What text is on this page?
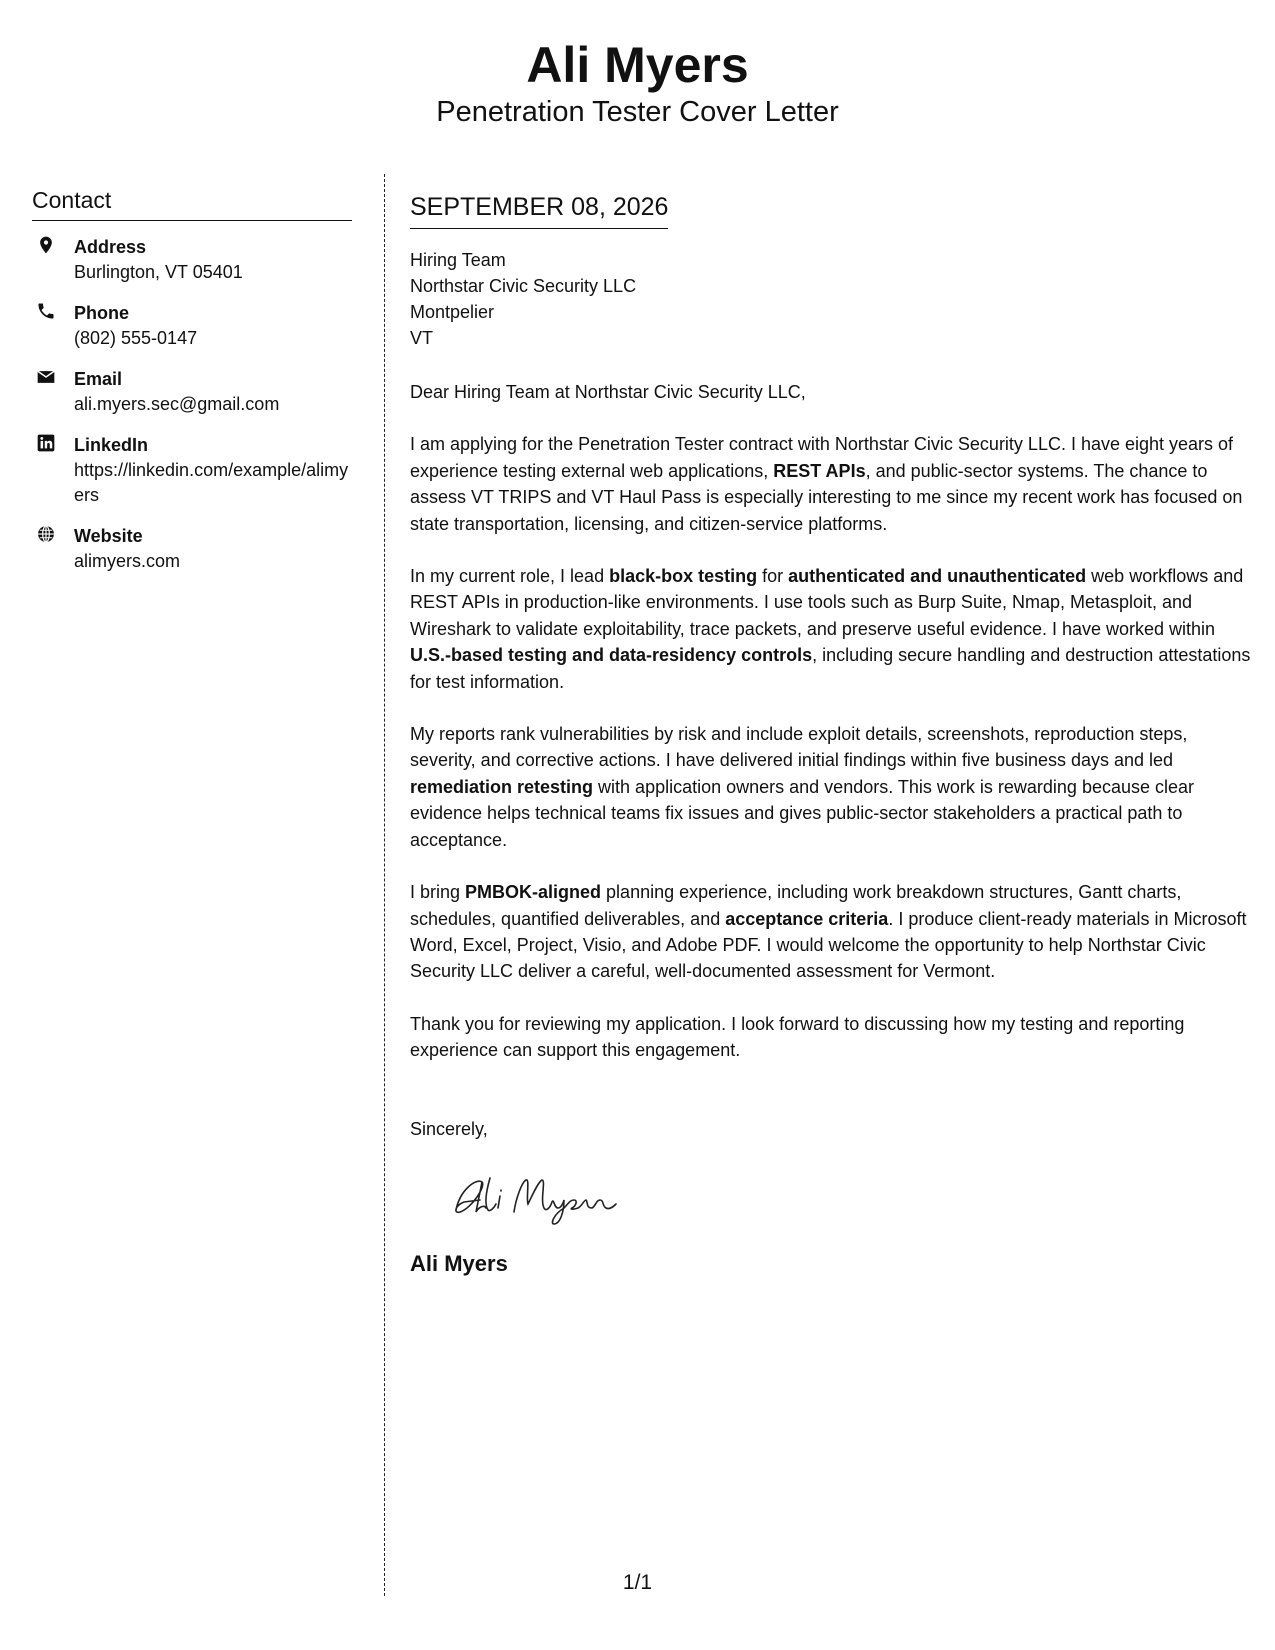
Ali Myers
Penetration Tester Cover Letter
Contact
Address
Burlington, VT 05401
Phone
(802) 555-0147
Email
ali.myers.sec@gmail.com
LinkedIn
https://linkedin.com/example/alimyers
Website
alimyers.com
SEPTEMBER 08, 2026
Hiring Team
Northstar Civic Security LLC
Montpelier
VT
Dear Hiring Team at Northstar Civic Security LLC,
I am applying for the Penetration Tester contract with Northstar Civic Security LLC. I have eight years of experience testing external web applications, REST APIs, and public-sector systems. The chance to assess VT TRIPS and VT Haul Pass is especially interesting to me since my recent work has focused on state transportation, licensing, and citizen-service platforms.
In my current role, I lead black-box testing for authenticated and unauthenticated web workflows and REST APIs in production-like environments. I use tools such as Burp Suite, Nmap, Metasploit, and Wireshark to validate exploitability, trace packets, and preserve useful evidence. I have worked within U.S.-based testing and data-residency controls, including secure handling and destruction attestations for test information.
My reports rank vulnerabilities by risk and include exploit details, screenshots, reproduction steps, severity, and corrective actions. I have delivered initial findings within five business days and led remediation retesting with application owners and vendors. This work is rewarding because clear evidence helps technical teams fix issues and gives public-sector stakeholders a practical path to acceptance.
I bring PMBOK-aligned planning experience, including work breakdown structures, Gantt charts, schedules, quantified deliverables, and acceptance criteria. I produce client-ready materials in Microsoft Word, Excel, Project, Visio, and Adobe PDF. I would welcome the opportunity to help Northstar Civic Security LLC deliver a careful, well-documented assessment for Vermont.
Thank you for reviewing my application. I look forward to discussing how my testing and reporting experience can support this engagement.
Sincerely,
Ali Myers
1/1
